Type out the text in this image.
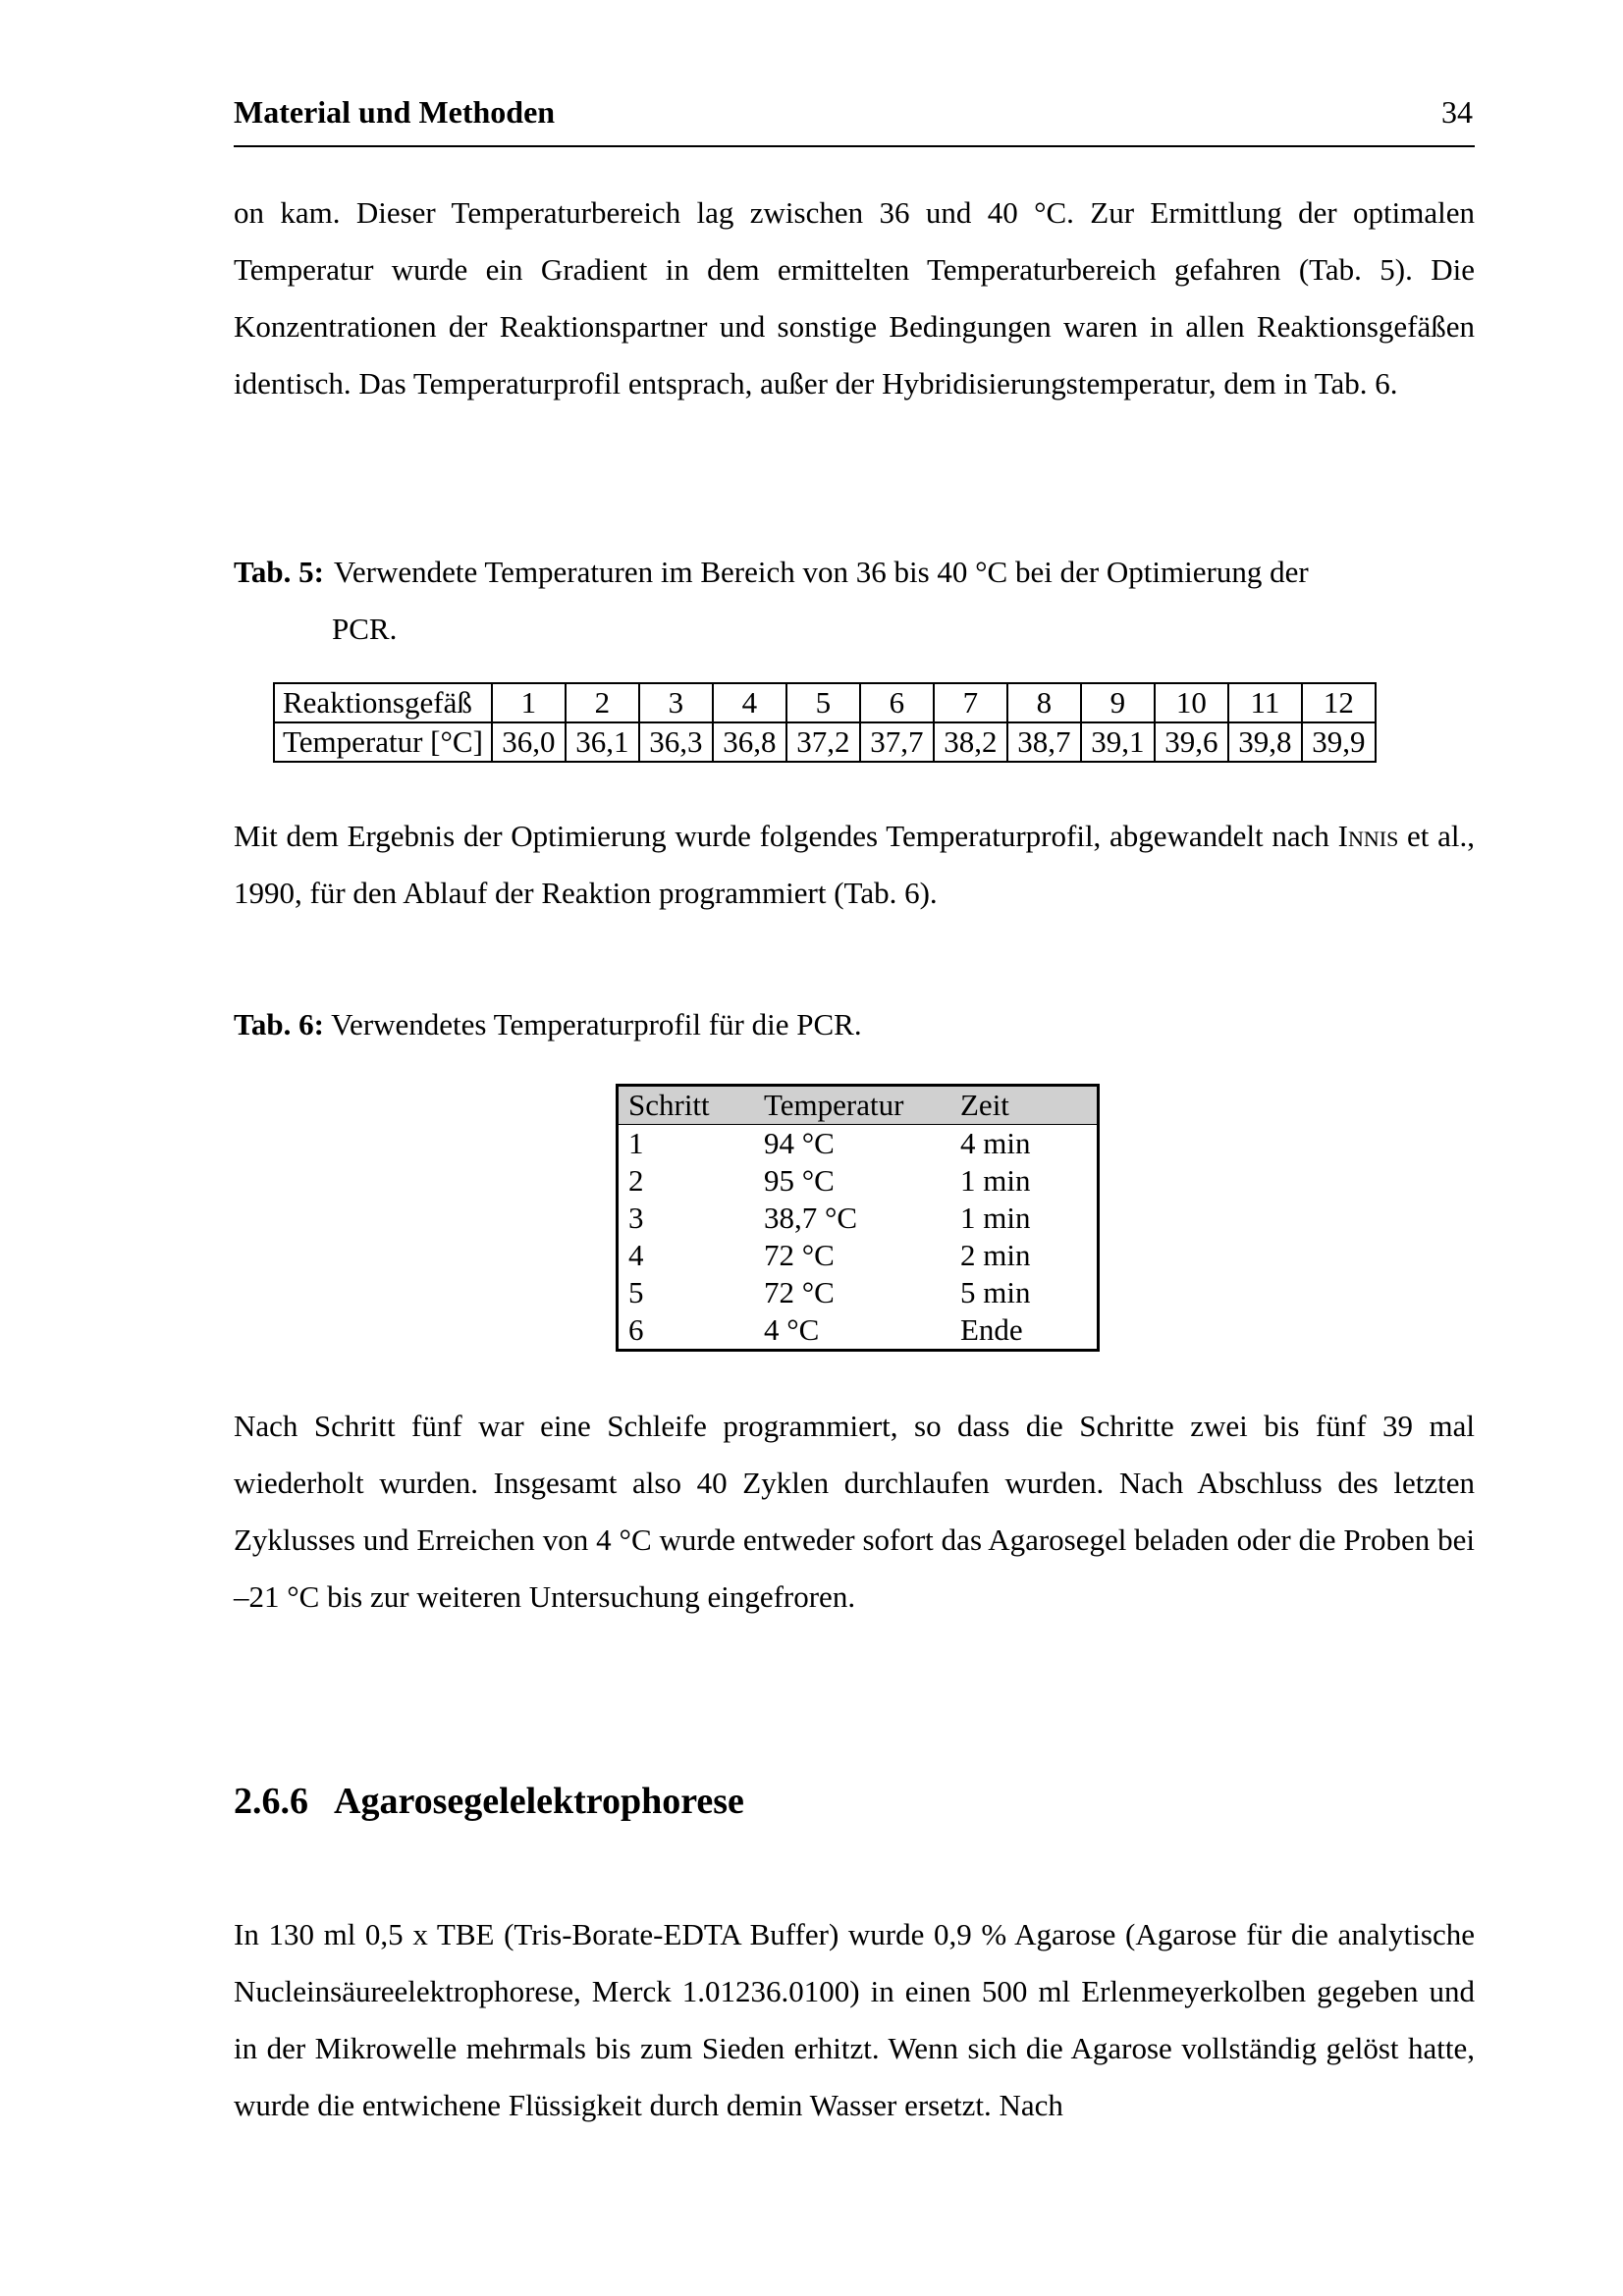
Material und Methoden	34

on kam. Dieser Temperaturbereich lag zwischen 36 und 40 °C. Zur Ermittlung der optimalen Temperatur wurde ein Gradient in dem ermittelten Temperaturbereich gefahren (Tab. 5). Die Konzentrationen der Reaktionspartner und sonstige Bedingungen waren in allen Reaktionsgefäßen identisch. Das Temperaturprofil entsprach, außer der Hybridisierungstemperatur, dem in Tab. 6.

Tab. 5: Verwendete Temperaturen im Bereich von 36 bis 40 °C bei der Optimierung der
PCR.
Reaktionsgefäß	1	2	3	4	5	6	7	8	9	10	11	12
Temperatur [°C]	36,0	36,1	36,3	36,8	37,2	37,7	38,2	38,7	39,1	39,6	39,8	39,9

Mit dem Ergebnis der Optimierung wurde folgendes Temperaturprofil, abgewandelt nach Innis et al., 1990, für den Ablauf der Reaktion programmiert (Tab. 6).

Tab. 6: Verwendetes Temperaturprofil für die PCR.
Schritt	Temperatur	Zeit
1	94 °C	4 min
2	95 °C	1 min
3	38,7 °C	1 min
4	72 °C	2 min
5	72 °C	5 min
6	4 °C	Ende

Nach Schritt fünf war eine Schleife programmiert, so dass die Schritte zwei bis fünf 39 mal wiederholt wurden. Insgesamt also 40 Zyklen durchlaufen wurden. Nach Abschluss des letzten Zyklusses und Erreichen von 4 °C wurde entweder sofort das Agarosegel beladen oder die Proben bei –21 °C bis zur weiteren Untersuchung eingefroren.

2.6.6 Agarosegelelektrophorese

In 130 ml 0,5 x TBE (Tris-Borate-EDTA Buffer) wurde 0,9 % Agarose (Agarose für die analytische Nucleinsäureelektrophorese, Merck 1.01236.0100) in einen 500 ml Erlenmeyerkolben gegeben und in der Mikrowelle mehrmals bis zum Sieden erhitzt. Wenn sich die Agarose vollständig gelöst hatte, wurde die entwichene Flüssigkeit durch demin Wasser ersetzt. Nach
